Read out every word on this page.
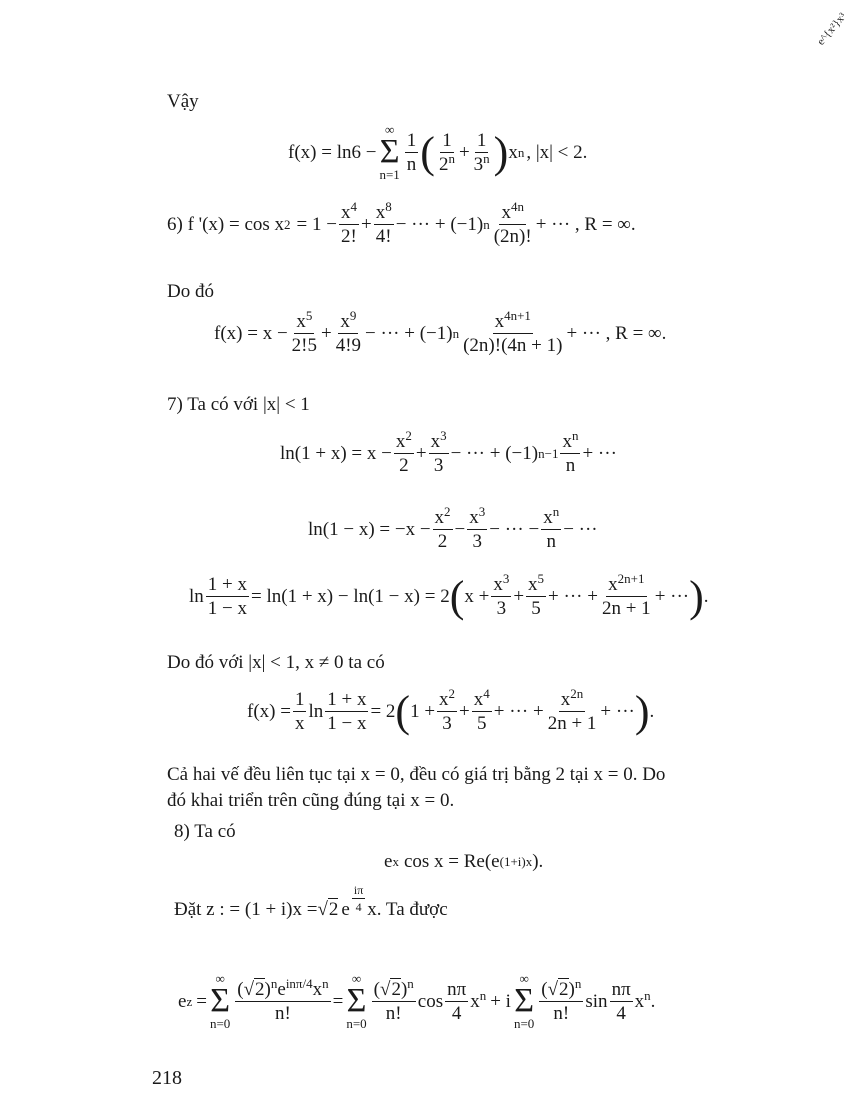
e^{x²}x³
Vậy
f(x) = ln6 −
∞
Σ
n=1
$\frac{1}{n}$ ( $\frac{1}{2^n} + \frac{1}{3^n}$ ) x n , |x| < 2.
6) f '(x) = cos x $2 = 1 - \frac{x^4}{2!} + \frac{x^8}{4!}$ − ··· + (−1) n $\frac{x^{4n}}{(2n)!}$ + ··· , R = ∞.
Do đó
$f(x) = x - \frac{x^5}{2!5} + \frac{x^9}{4!9}$ − ··· + (−1) n $\frac{x^{4n+1}}{(2n)!(4n + 1)}$ + ··· , R = ∞.
7) Ta có với |x| < 1
$\ln(1 + x) = x - \frac{x^2}{2} + \frac{x^3}{3}$ − ··· + (−1) $n-1 \frac{x^n}{n}$ + ···
$\ln(1 - x) = -x - \frac{x^2}{2} - \frac{x^3}{3}$ − ··· − $\frac{x^n}{n}$ − ···
$\ln \frac{1 + x}{1 - x} = \ln(1 + x) - \ln(1 - x) = 2$ ( $x + \frac{x^3}{3} + \frac{x^5}{5}$ + ··· + $\frac{x^{2n+1}}{2n + 1}$ + ··· ) .
Do đó với |x| < 1, x ≠ 0 ta có
$f(x) = \frac{1}{x}$ $\ln \frac{1 + x}{1 - x} = 2$ ( $1 + \frac{x^2}{3} + \frac{x^4}{5}$ + ··· + $\frac{x^{2n}}{2n + 1}$ + ··· ) .
Cả hai vế đều liên tục tại x = 0, đều có giá trị bằng 2 tại x = 0. Do
đó khai triển trên cũng đúng tại x = 0.
8) Ta có
e x cos x = Re(e (1+i)x ).
Đặt z : = (1 + i)x = √2 e $\frac{i\pi}{4} x$. Ta được
e z =
∞
Σ
n=0
$\frac{(√2)^ne^{in\pi/4}x^n}{n!}$ =
∞
Σ
n=0
$\frac{(√2)^n}{n!}$ $\cos \frac{n\pi}{4} x^n + i$
∞
Σ
n=0
$\frac{(√2)^n}{n!}$ $\sin \frac{n\pi}{4} x^n$ .
218
